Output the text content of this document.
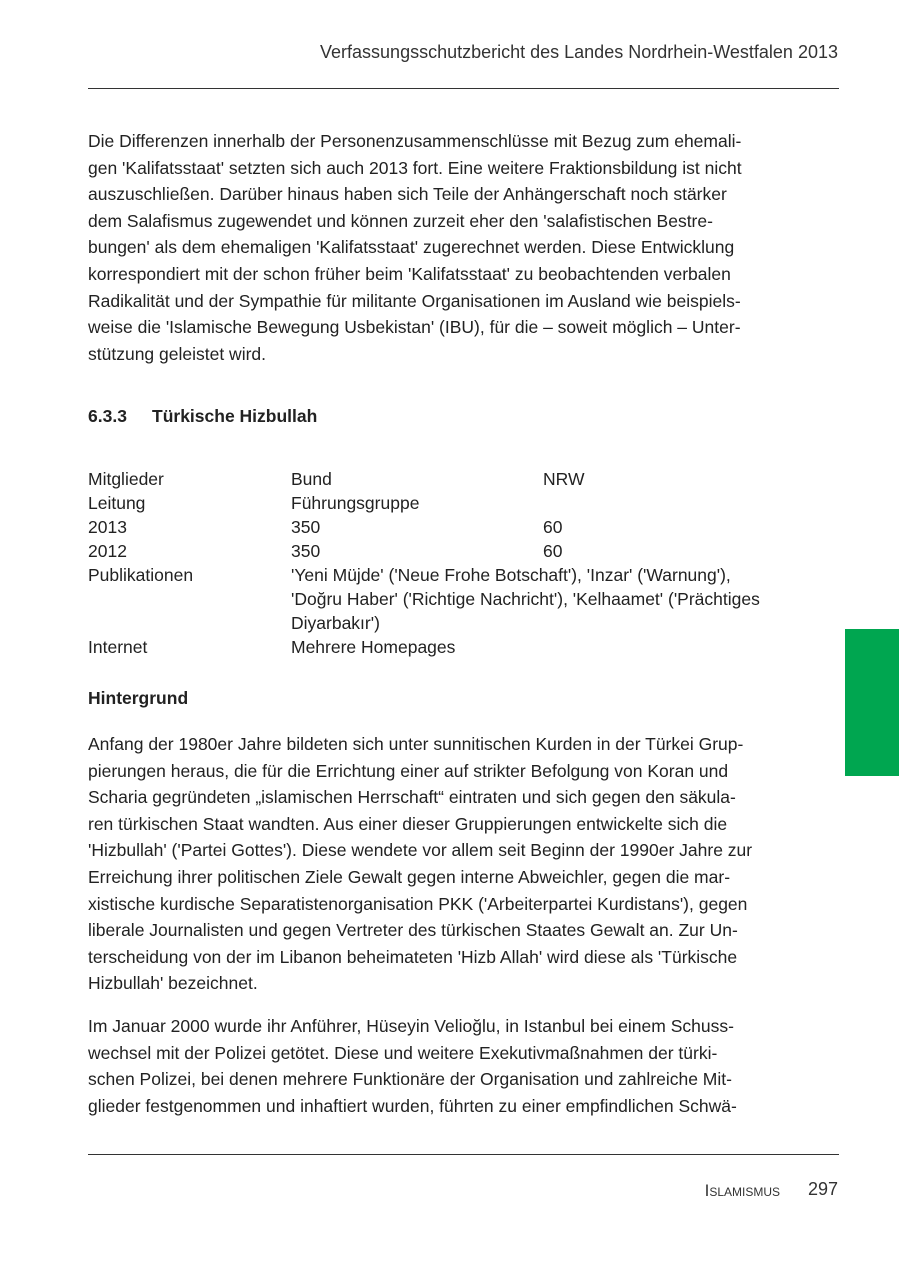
Verfassungsschutzbericht des Landes Nordrhein-Westfalen 2013
Die Differenzen innerhalb der Personenzusammenschlüsse mit Bezug zum ehemali-
gen 'Kalifatsstaat' setzten sich auch 2013 fort. Eine weitere Fraktionsbildung ist nicht
auszuschließen. Darüber hinaus haben sich Teile der Anhängerschaft noch stärker
dem Salafismus zugewendet und können zurzeit eher den 'salafistischen Bestre-
bungen' als dem ehemaligen 'Kalifatsstaat' zugerechnet werden. Diese Entwicklung
korrespondiert mit der schon früher beim 'Kalifatsstaat' zu beobachtenden verbalen
Radikalität und der Sympathie für militante Organisationen im Ausland wie beispiels-
weise die 'Islamische Bewegung Usbekistan' (IBU), für die – soweit möglich – Unter-
stützung geleistet wird.
6.3.3 Türkische Hizbullah
Mitglieder	Bund	NRW
Leitung	Führungsgruppe
2013	350	60
2012	350	60
Publikationen	'Yeni Müjde' ('Neue Frohe Botschaft'), 'Inzar' ('Warnung'),
'Doğru Haber' ('Richtige Nachricht'), 'Kelhaamet' ('Prächtiges
Diyarbakır')
Internet	Mehrere Homepages
Hintergrund
Anfang der 1980er Jahre bildeten sich unter sunnitischen Kurden in der Türkei Grup-
pierungen heraus, die für die Errichtung einer auf strikter Befolgung von Koran und
Scharia gegründeten „islamischen Herrschaft“ eintraten und sich gegen den säkula-
ren türkischen Staat wandten. Aus einer dieser Gruppierungen entwickelte sich die
'Hizbullah' ('Partei Gottes'). Diese wendete vor allem seit Beginn der 1990er Jahre zur
Erreichung ihrer politischen Ziele Gewalt gegen interne Abweichler, gegen die mar-
xistische kurdische Separatistenorganisation PKK ('Arbeiterpartei Kurdistans'), gegen
liberale Journalisten und gegen Vertreter des türkischen Staates Gewalt an. Zur Un-
terscheidung von der im Libanon beheimateten 'Hizb Allah' wird diese als 'Türkische
Hizbullah' bezeichnet.
Im Januar 2000 wurde ihr Anführer, Hüseyin Velioğlu, in Istanbul bei einem Schuss-
wechsel mit der Polizei getötet. Diese und weitere Exekutivmaßnahmen der türki-
schen Polizei, bei denen mehrere Funktionäre der Organisation und zahlreiche Mit-
glieder festgenommen und inhaftiert wurden, führten zu einer empfindlichen Schwä-
Islamismus 297
